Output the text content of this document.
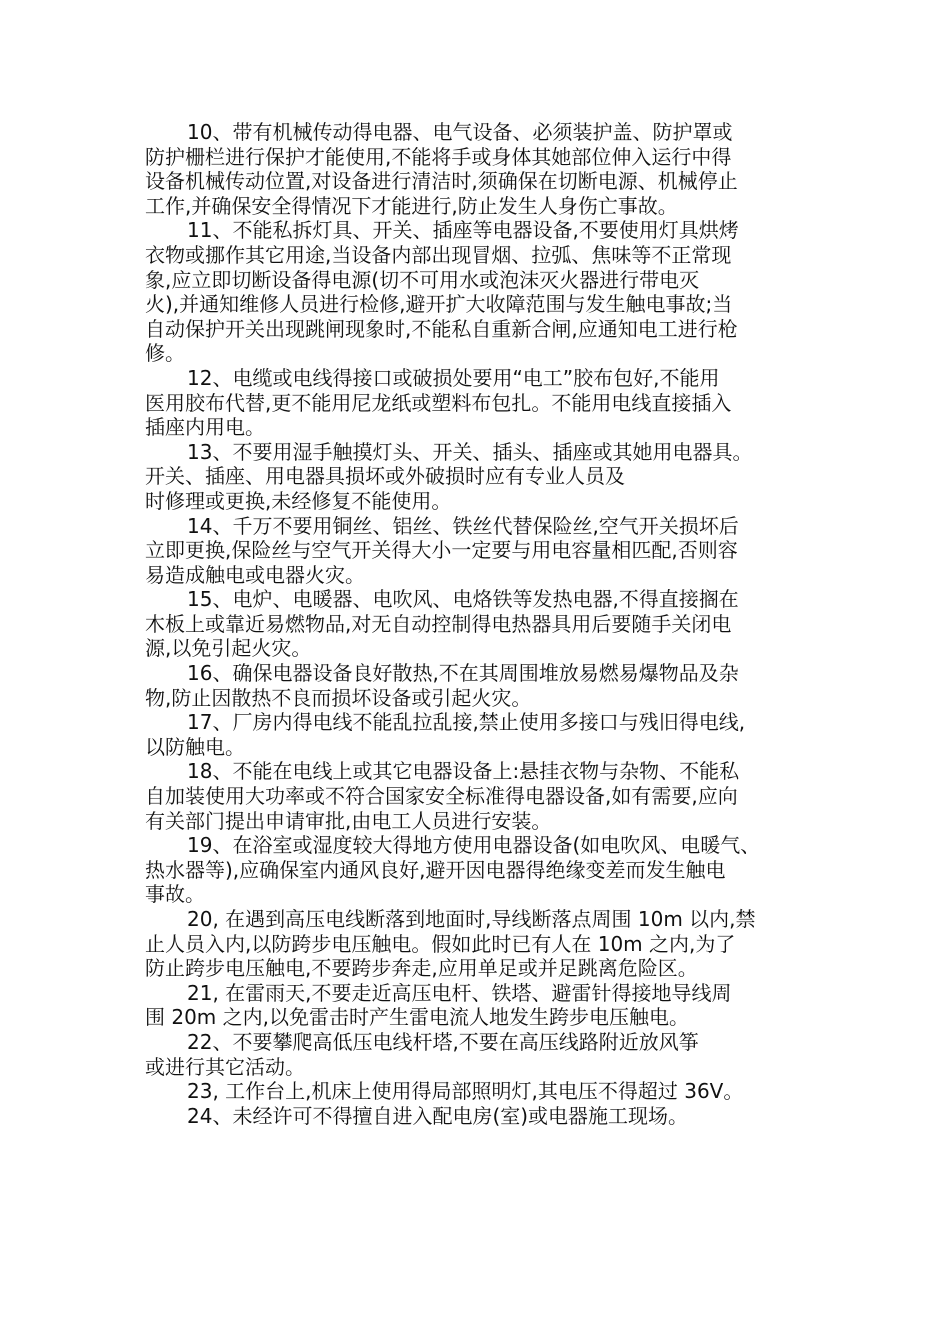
10、带有机械传动得电器、电气设备、必须装护盖、防护罩或
防护栅栏进行保护才能使用,不能将手或身体其她部位伸入运行中得
设备机械传动位置,对设备进行清洁时,须确保在切断电源、机械停止
工作,并确保安全得情况下才能进行,防止发生人身伤亡事故。
11、不能私拆灯具、开关、插座等电器设备,不要使用灯具烘烤
衣物或挪作其它用途,当设备内部出现冒烟、拉弧、焦味等不正常现
象,应立即切断设备得电源(切不可用水或泡沫灭火器进行带电灭
火),并通知维修人员进行检修,避开扩大收障范围与发生触电事故;当
自动保护开关出现跳闸现象时,不能私自重新合闸,应通知电工进行枪
修。
12、电缆或电线得接口或破损处要用“电工”胶布包好,不能用
医用胶布代替,更不能用尼龙纸或塑料布包扎。不能用电线直接插入
插座内用电。
13、不要用湿手触摸灯头、开关、插头、插座或其她用电器具。
开关、插座、用电器具损坏或外破损时应有专业人员及
时修理或更换,未经修复不能使用。
14、千万不要用铜丝、铝丝、铁丝代替保险丝,空气开关损坏后
立即更换,保险丝与空气开关得大小一定要与用电容量相匹配,否则容
易造成触电或电器火灾。
15、电炉、电暖器、电吹风、电烙铁等发热电器,不得直接搁在
木板上或靠近易燃物品,对无自动控制得电热器具用后要随手关闭电
源,以免引起火灾。
16、确保电器设备良好散热,不在其周围堆放易燃易爆物品及杂
物,防止因散热不良而损坏设备或引起火灾。
17、厂房内得电线不能乱拉乱接,禁止使用多接口与残旧得电线,
以防触电。
18、不能在电线上或其它电器设备上:悬挂衣物与杂物、不能私
自加装使用大功率或不符合国家安全标准得电器设备,如有需要,应向
有关部门提出申请审批,由电工人员进行安装。
19、在浴室或湿度较大得地方使用电器设备(如电吹风、电暖气、
热水器等),应确保室内通风良好,避开因电器得绝缘变差而发生触电
事故。
20, 在遇到高压电线断落到地面时,导线断落点周围 10m 以内,禁
止人员入内,以防跨步电压触电。假如此时已有人在 10m 之内,为了
防止跨步电压触电,不要跨步奔走,应用单足或并足跳离危险区。
21, 在雷雨天,不要走近高压电杆、铁塔、避雷针得接地导线周
围 20m 之内,以免雷击时产生雷电流人地发生跨步电压触电。
22、不要攀爬高低压电线杆塔,不要在高压线路附近放风筝
或进行其它活动。
23, 工作台上,机床上使用得局部照明灯,其电压不得超过 36V。
24、未经许可不得擅自进入配电房(室)或电器施工现场。
